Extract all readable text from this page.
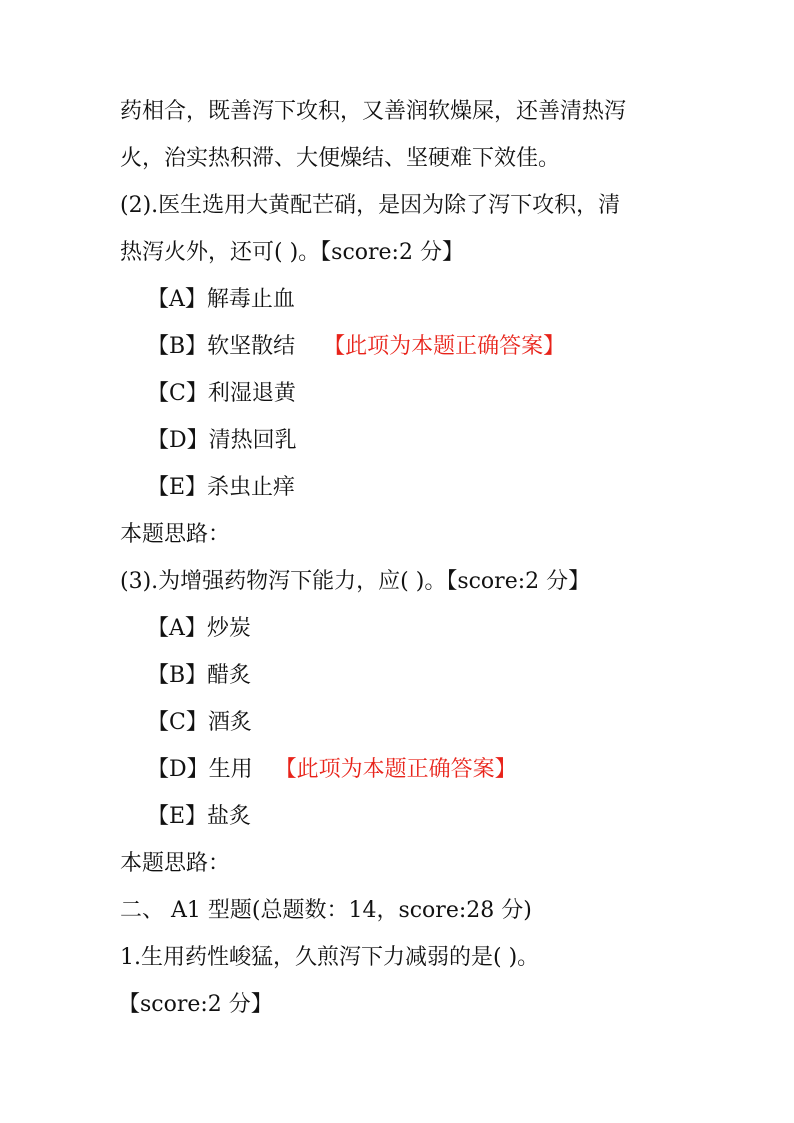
药相合，既善泻下攻积，又善润软燥屎，还善清热泻
火，治实热积滞、大便燥结、坚硬难下效佳。
(2).医生选用大黄配芒硝，是因为除了泻下攻积，清
热泻火外，还可( )。【score:2 分】
【A】解毒止血
【B】软坚散结 【此项为本题正确答案】
【C】利湿退黄
【D】清热回乳
【E】杀虫止痒
本题思路：
(3).为增强药物泻下能力，应( )。【score:2 分】
【A】炒炭
【B】醋炙
【C】酒炙
【D】生用 【此项为本题正确答案】
【E】盐炙
本题思路：
二、 A1 型题(总题数：14，score:28 分)
1.生用药性峻猛，久煎泻下力减弱的是( )。
【score:2 分】
